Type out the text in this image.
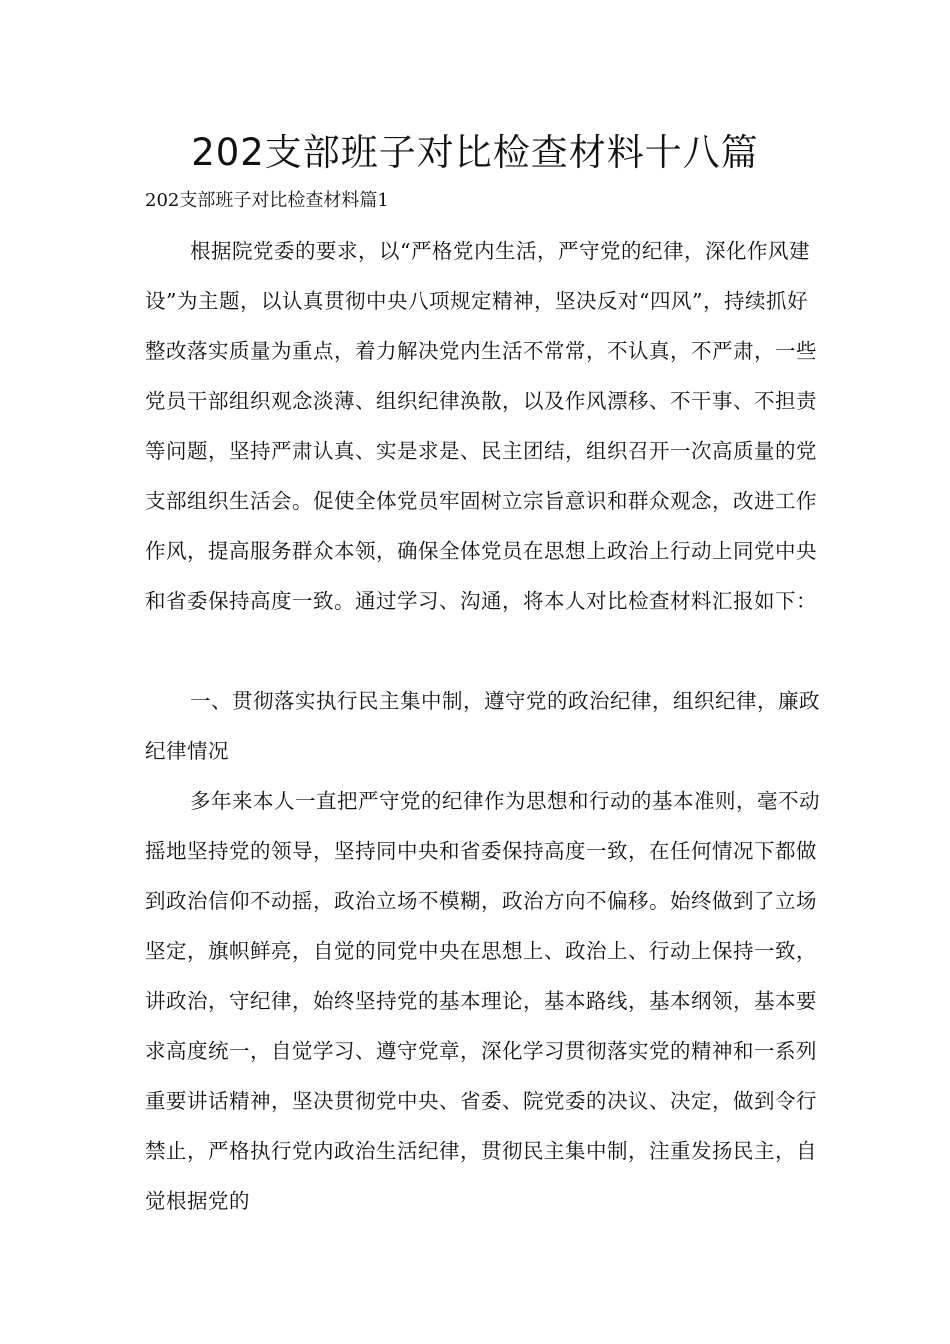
202支部班子对比检查材料十八篇
202支部班子对比检查材料篇1

根据院党委的要求，以“严格党内生活，严守党的纪律，深化作风建设”为主题，以认真贯彻中央八项规定精神，坚决反对“四风”，持续抓好整改落实质量为重点，着力解决党内生活不常常，不认真，不严肃，一些党员干部组织观念淡薄、组织纪律涣散，以及作风漂移、不干事、不担责等问题，坚持严肃认真、实是求是、民主团结，组织召开一次高质量的党支部组织生活会。促使全体党员牢固树立宗旨意识和群众观念，改进工作作风，提高服务群众本领，确保全体党员在思想上政治上行动上同党中央和省委保持高度一致。通过学习、沟通，将本人对比检查材料汇报如下：

一、贯彻落实执行民主集中制，遵守党的政治纪律，组织纪律，廉政纪律情况

多年来本人一直把严守党的纪律作为思想和行动的基本准则，毫不动摇地坚持党的领导，坚持同中央和省委保持高度一致，在任何情况下都做到政治信仰不动摇，政治立场不模糊，政治方向不偏移。始终做到了立场坚定，旗帜鲜亮，自觉的同党中央在思想上、政治上、行动上保持一致，讲政治，守纪律，始终坚持党的基本理论，基本路线，基本纲领，基本要求高度统一，自觉学习、遵守党章，深化学习贯彻落实党的精神和一系列重要讲话精神，坚决贯彻党中央、省委、院党委的决议、决定，做到令行禁止，严格执行党内政治生活纪律，贯彻民主集中制，注重发扬民主，自觉根据党的
